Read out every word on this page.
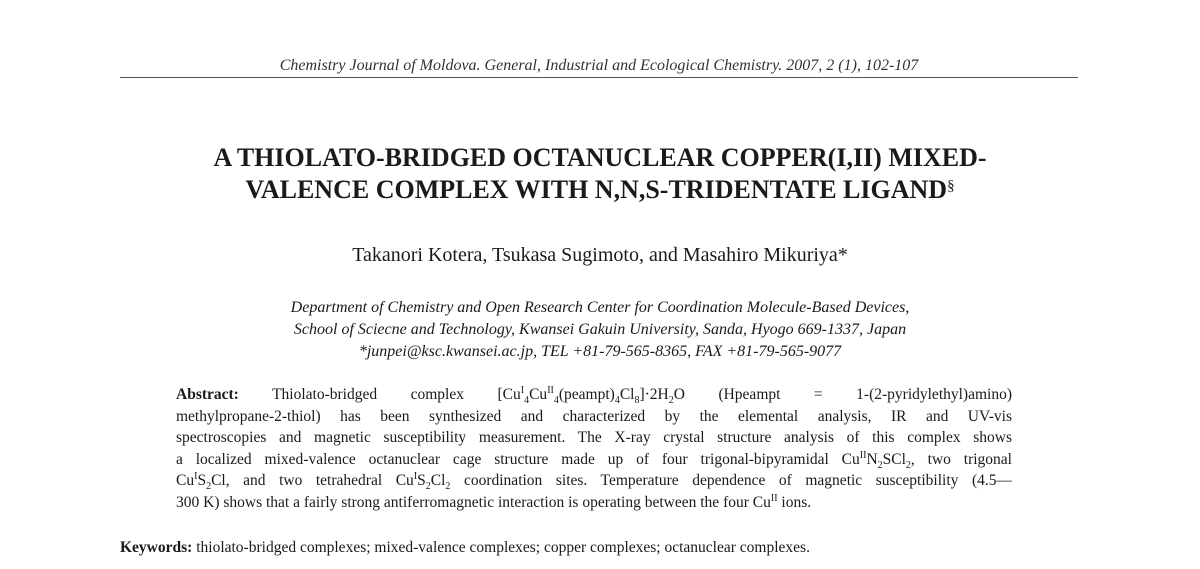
Chemistry Journal of Moldova. General, Industrial and Ecological Chemistry. 2007, 2 (1), 102-107
A THIOLATO-BRIDGED OCTANUCLEAR COPPER(I,II) MIXED-
VALENCE COMPLEX WITH N,N,S-TRIDENTATE LIGAND§
Takanori Kotera, Tsukasa Sugimoto, and Masahiro Mikuriya*
Department of Chemistry and Open Research Center for Coordination Molecule-Based Devices,
School of Sciecne and Technology, Kwansei Gakuin University, Sanda, Hyogo 669-1337, Japan
*junpei@ksc.kwansei.ac.jp, TEL +81-79-565-8365, FAX +81-79-565-9077
Abstract: Thiolato-bridged complex $[Cu^I_4Cu^{II}_4(peampt)_4Cl_8]\cdot 2H_2O$ (Hpeampt = 1-(2-pyridylethyl)amino)
methylpropane-2-thiol) has been synthesized and characterized by the elemental analysis, IR and UV-vis
spectroscopies and magnetic susceptibility measurement. The X-ray crystal structure analysis of this complex shows
a localized mixed-valence octanuclear cage structure made up of four trigonal-bipyramidal $Cu^{II}N_2SCl_2$, two trigonal
$Cu^IS_2Cl$, and two tetrahedral $Cu^IS_2Cl_2$ coordination sites. Temperature dependence of magnetic susceptibility (4.5—
300 K) shows that a fairly strong antiferromagnetic interaction is operating between the four $Cu^{II}$ ions.
Keywords: thiolato-bridged complexes; mixed-valence complexes; copper complexes; octanuclear complexes.
